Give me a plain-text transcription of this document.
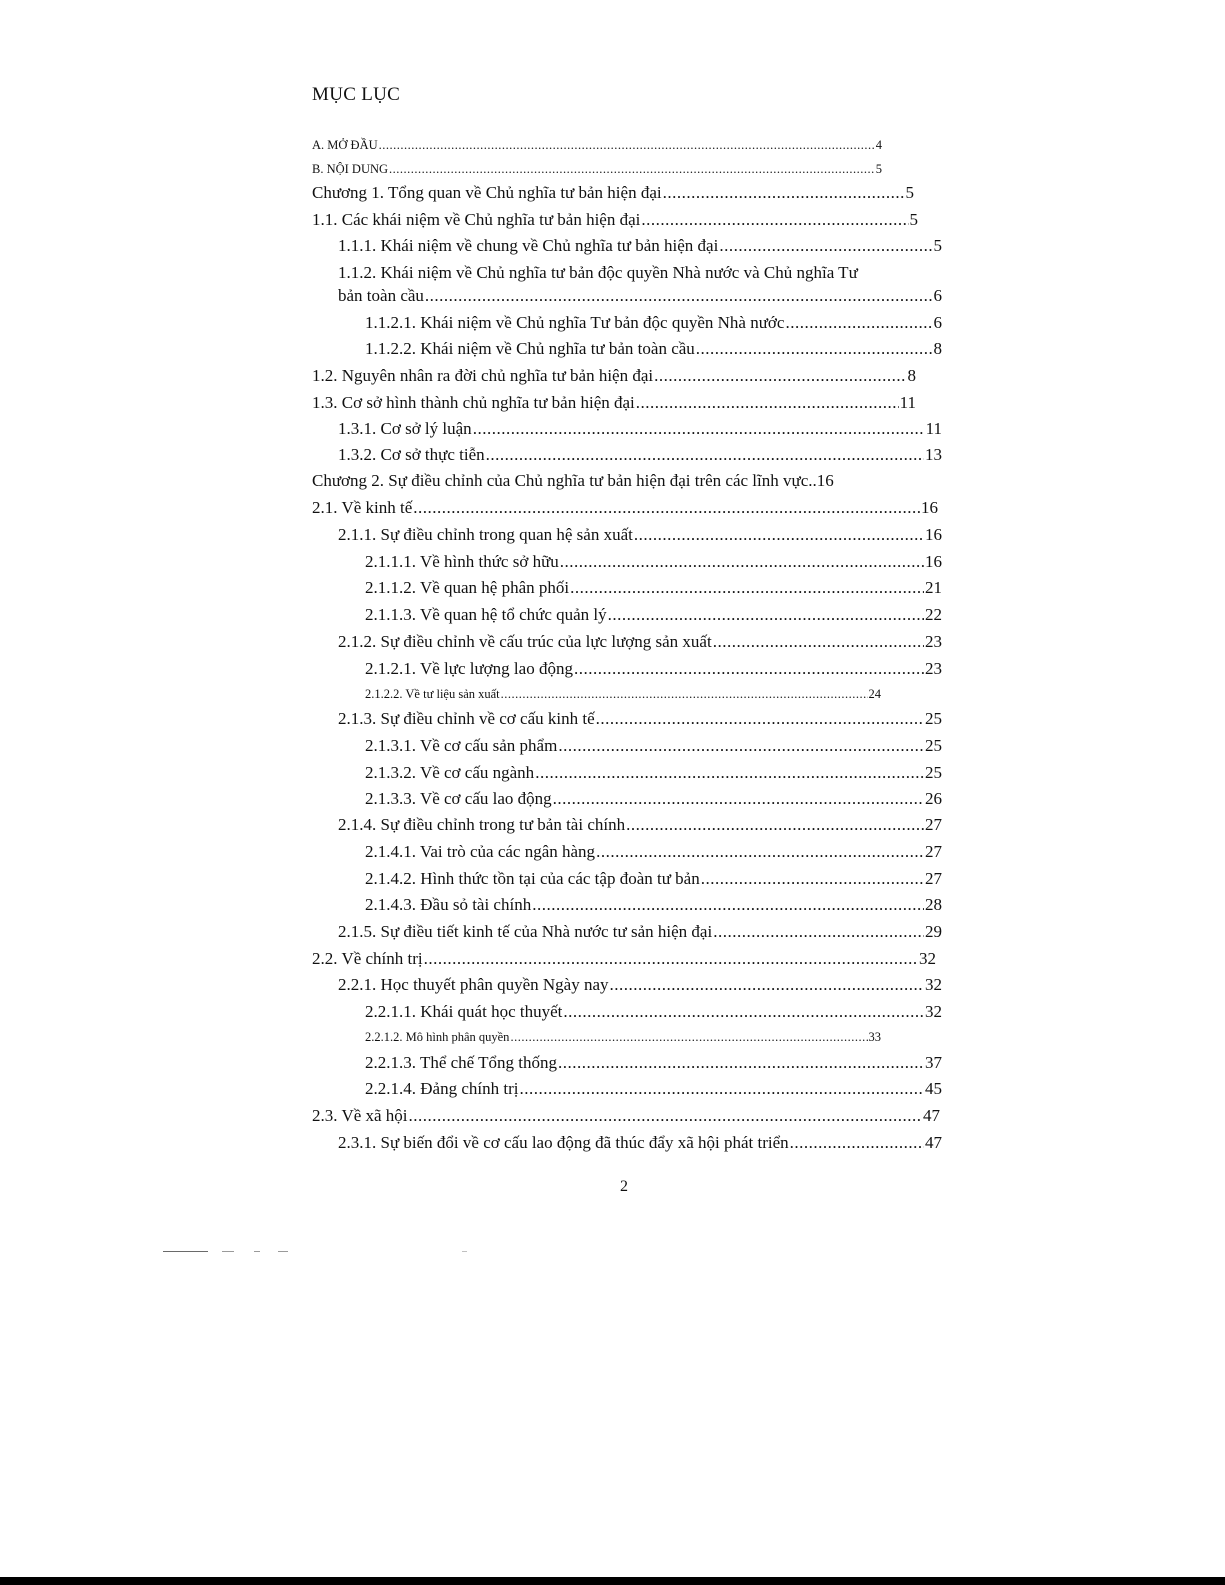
MỤC LỤC
A. MỞ ĐẦU .....	4
B. NỘI DUNG .....	5
Chương 1. Tổng quan về Chủ nghĩa tư bản hiện đại .....	5
1.1. Các khái niệm về Chủ nghĩa tư bản hiện đại .....	5
1.1.1. Khái niệm về chung về Chủ nghĩa tư bản hiện đại .....	5
1.1.2. Khái niệm về Chủ nghĩa tư bản độc quyền Nhà nước và Chủ nghĩa Tư
bản toàn cầu .....	6
1.1.2.1. Khái niệm về Chủ nghĩa Tư bản độc quyền Nhà nước .....	6
1.1.2.2. Khái niệm về Chủ nghĩa tư bản toàn cầu .....	8
1.2. Nguyên nhân ra đời chủ nghĩa tư bản hiện đại .....	8
1.3. Cơ sở hình thành chủ nghĩa tư bản hiện đại .....	11
1.3.1. Cơ sở lý luận .....	11
1.3.2. Cơ sở thực tiễn .....	13
Chương 2. Sự điều chỉnh của Chủ nghĩa tư bản hiện đại trên các lĩnh vực..16
2.1. Về kinh tế .....	16
2.1.1. Sự điều chỉnh trong quan hệ sản xuất .....	16
2.1.1.1. Về hình thức sở hữu .....	16
2.1.1.2. Về quan hệ phân phối .....	21
2.1.1.3. Về quan hệ tổ chức quản lý .....	22
2.1.2. Sự điều chỉnh về cấu trúc của lực lượng sản xuất .....	23
2.1.2.1. Về lực lượng lao động .....	23
2.1.2.2. Về tư liệu sản xuất .....	24
2.1.3. Sự điều chỉnh về cơ cấu kinh tế .....	25
2.1.3.1. Về cơ cấu sản phẩm .....	25
2.1.3.2. Về cơ cấu ngành .....	25
2.1.3.3. Về cơ cấu lao động .....	26
2.1.4. Sự điều chỉnh trong tư bản tài chính .....	27
2.1.4.1. Vai trò của các ngân hàng .....	27
2.1.4.2. Hình thức tồn tại của các tập đoàn tư bản .....	27
2.1.4.3. Đầu sỏ tài chính .....	28
2.1.5. Sự điều tiết kinh tế của Nhà nước tư sản hiện đại .....	29
2.2. Về chính trị .....	32
2.2.1. Học thuyết phân quyền Ngày nay .....	32
2.2.1.1. Khái quát học thuyết .....	32
2.2.1.2. Mô hình phân quyền .....	33
2.2.1.3. Thể chế Tổng thống .....	37
2.2.1.4. Đảng chính trị .....	45
2.3. Về xã hội .....	47
2.3.1. Sự biến đổi về cơ cấu lao động đã thúc đẩy xã hội phát triển .....	47
2
